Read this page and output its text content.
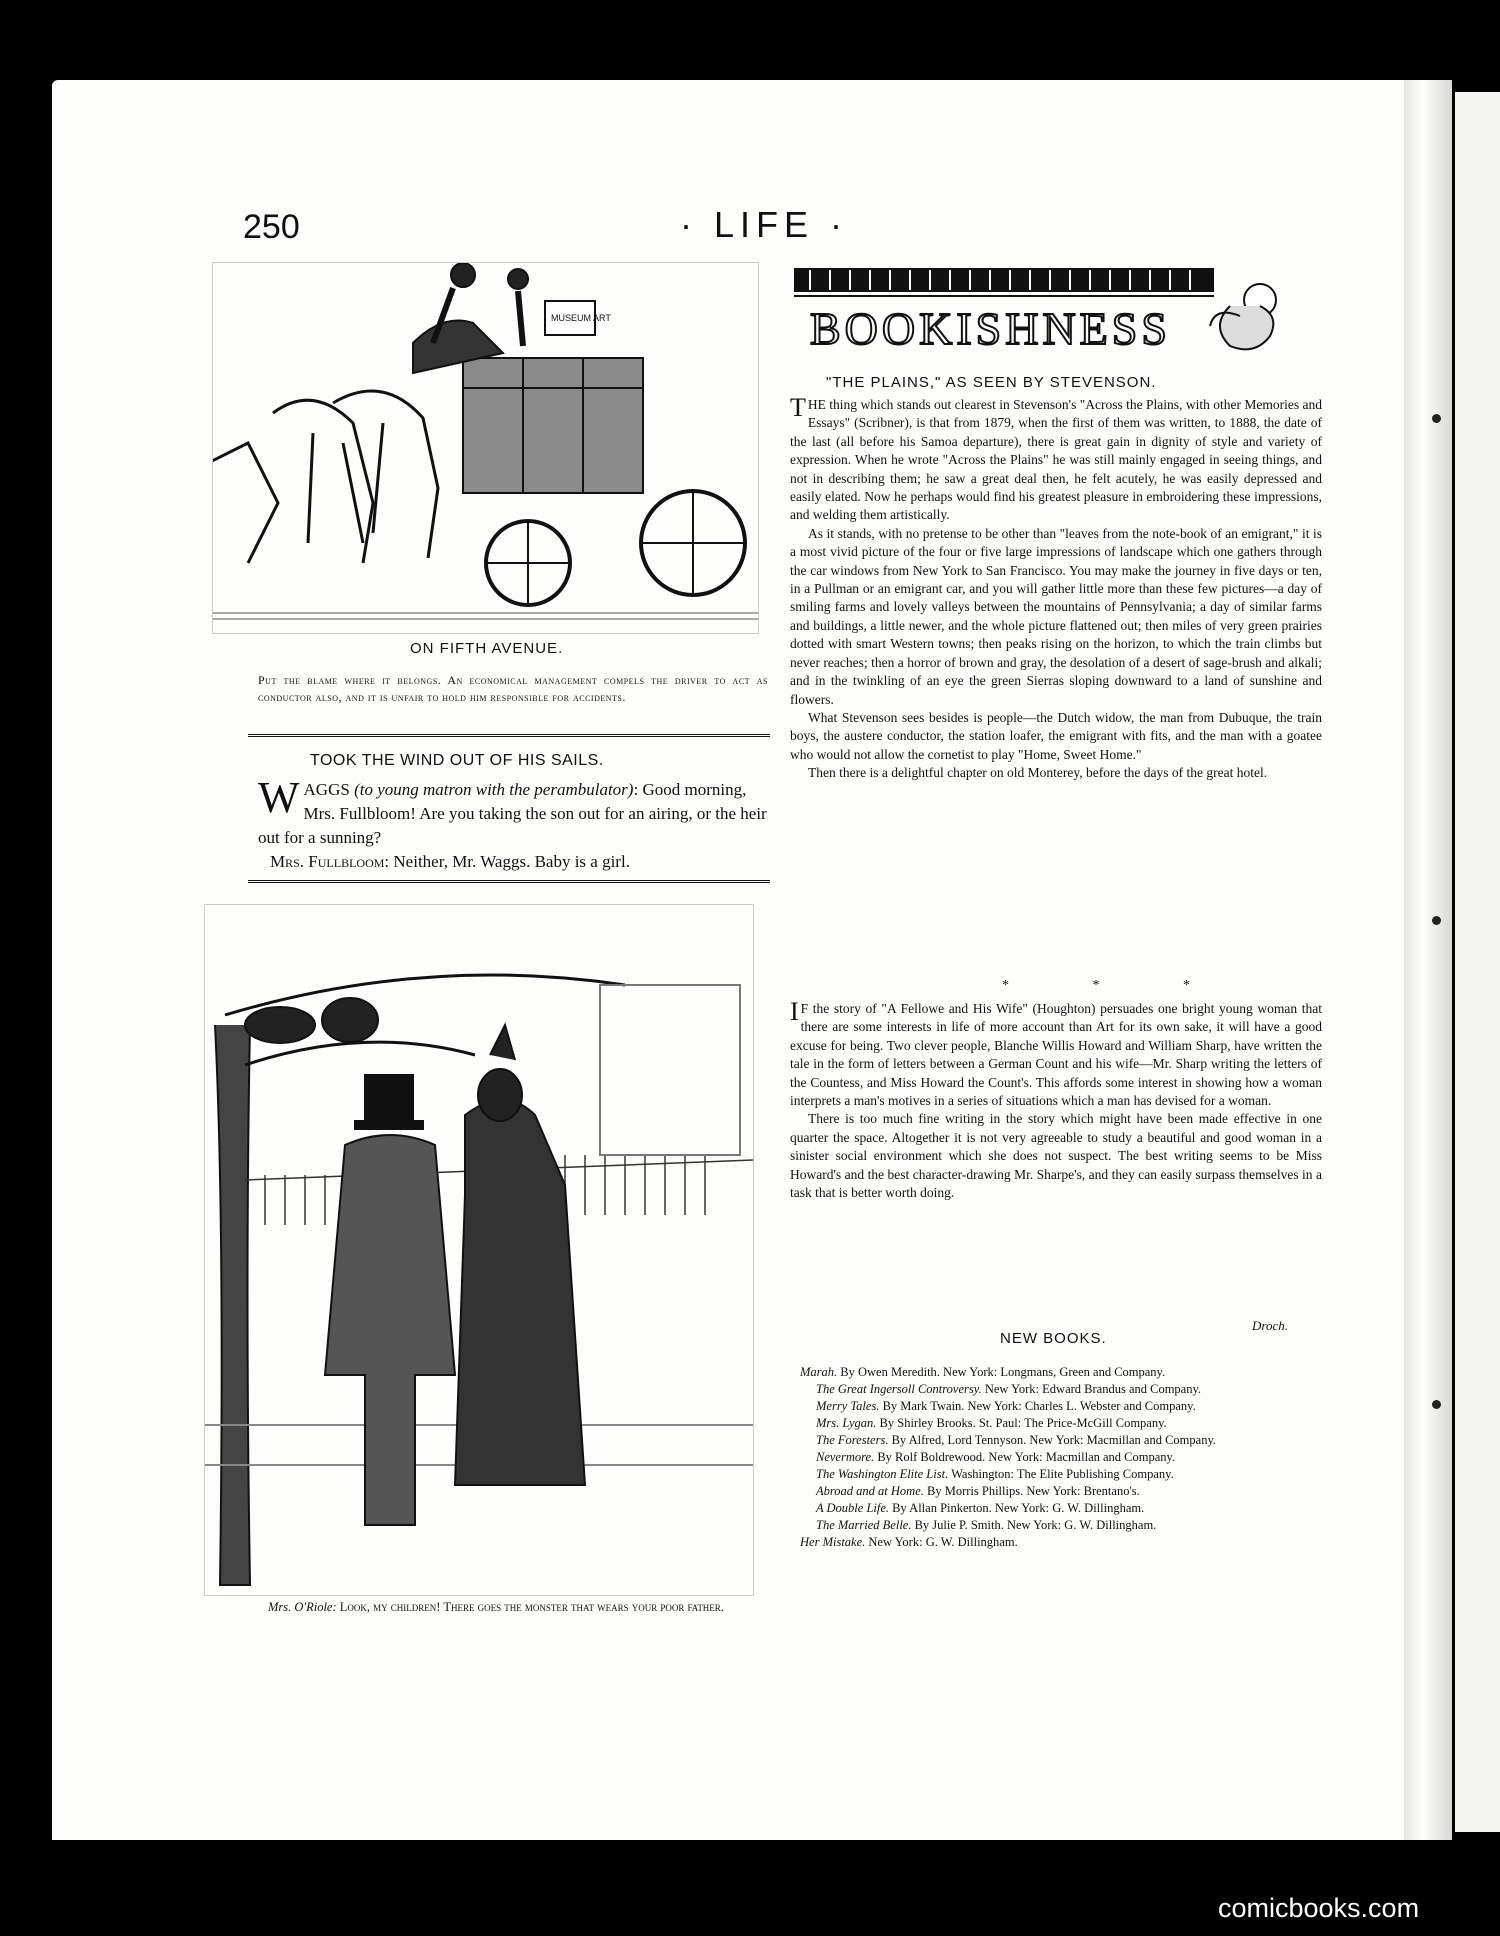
250	· LIFE ·
MUSEUM ART
ON FIFTH AVENUE.
Put the blame where it belongs. An economical management compels the driver to act as conductor also, and it is unfair to hold him responsible for accidents.
TOOK THE WIND OUT OF HIS SAILS.
WAGGS (to young matron with the perambulator): Good morning, Mrs. Fullbloom! Are you taking the son out for an airing, or the heir out for a sunning?
Mrs. Fullbloom: Neither, Mr. Waggs. Baby is a girl.
Mrs. O'Riole: Look, my children! There goes the monster that wears your poor father.
BOOKISHNESS
"THE PLAINS," AS SEEN BY STEVENSON.

THE thing which stands out clearest in Stevenson's "Across the Plains, with other Memories and Essays" (Scribner), is that from 1879, when the first of them was written, to 1888, the date of the last (all before his Samoa departure), there is great gain in dignity of style and variety of expression. When he wrote "Across the Plains" he was still mainly engaged in seeing things, and not in describing them; he saw a great deal then, he felt acutely, he was easily depressed and easily elated. Now he perhaps would find his greatest pleasure in embroidering these impressions, and welding them artistically.

As it stands, with no pretense to be other than "leaves from the note-book of an emigrant," it is a most vivid picture of the four or five large impressions of landscape which one gathers through the car windows from New York to San Francisco. You may make the journey in five days or ten, in a Pullman or an emigrant car, and you will gather little more than these few pictures—a day of smiling farms and lovely valleys between the mountains of Pennsylvania; a day of similar farms and buildings, a little newer, and the whole picture flattened out; then miles of very green prairies dotted with smart Western towns; then peaks rising on the horizon, to which the train climbs but never reaches; then a horror of brown and gray, the desolation of a desert of sage-brush and alkali; and in the twinkling of an eye the green Sierras sloping downward to a land of sunshine and flowers.

What Stevenson sees besides is people—the Dutch widow, the man from Dubuque, the train boys, the austere conductor, the station loafer, the emigrant with fits, and the man with a goatee who would not allow the cornetist to play "Home, Sweet Home."

Then there is a delightful chapter on old Monterey, before the days of the great hotel.

* * *

I F the story of "A Fellowe and His Wife" (Houghton) persuades one bright young woman that there are some interests in life of more account than Art for its own sake, it will have a good excuse for being. Two clever people, Blanche Willis Howard and William Sharp, have written the tale in the form of letters between a German Count and his wife—Mr. Sharp writing the letters of the Countess, and Miss Howard the Count's. This affords some interest in showing how a woman interprets a man's motives in a series of situations which a man has devised for a woman.

There is too much fine writing in the story which might have been made effective in one quarter the space. Altogether it is not very agreeable to study a beautiful and good woman in a sinister social environment which she does not suspect. The best writing seems to be Miss Howard's and the best character-drawing Mr. Sharpe's, and they can easily surpass themselves in a task that is better worth doing.

Droch.
NEW BOOKS.
Marah. By Owen Meredith. New York: Longmans, Green and Company.
The Great Ingersoll Controversy. New York: Edward Brandus and Company.
Merry Tales. By Mark Twain. New York: Charles L. Webster and Company.
Mrs. Lygan. By Shirley Brooks. St. Paul: The Price-McGill Company.
The Foresters. By Alfred, Lord Tennyson. New York: Macmillan and Company.
Nevermore. By Rolf Boldrewood. New York: Macmillan and Company.
The Washington Elite List. Washington: The Elite Publishing Company.
Abroad and at Home. By Morris Phillips. New York: Brentano's.
A Double Life. By Allan Pinkerton. New York: G. W. Dillingham.
The Married Belle. By Julie P. Smith. New York: G. W. Dillingham.
Her Mistake. New York: G. W. Dillingham.
comicbooks.com
